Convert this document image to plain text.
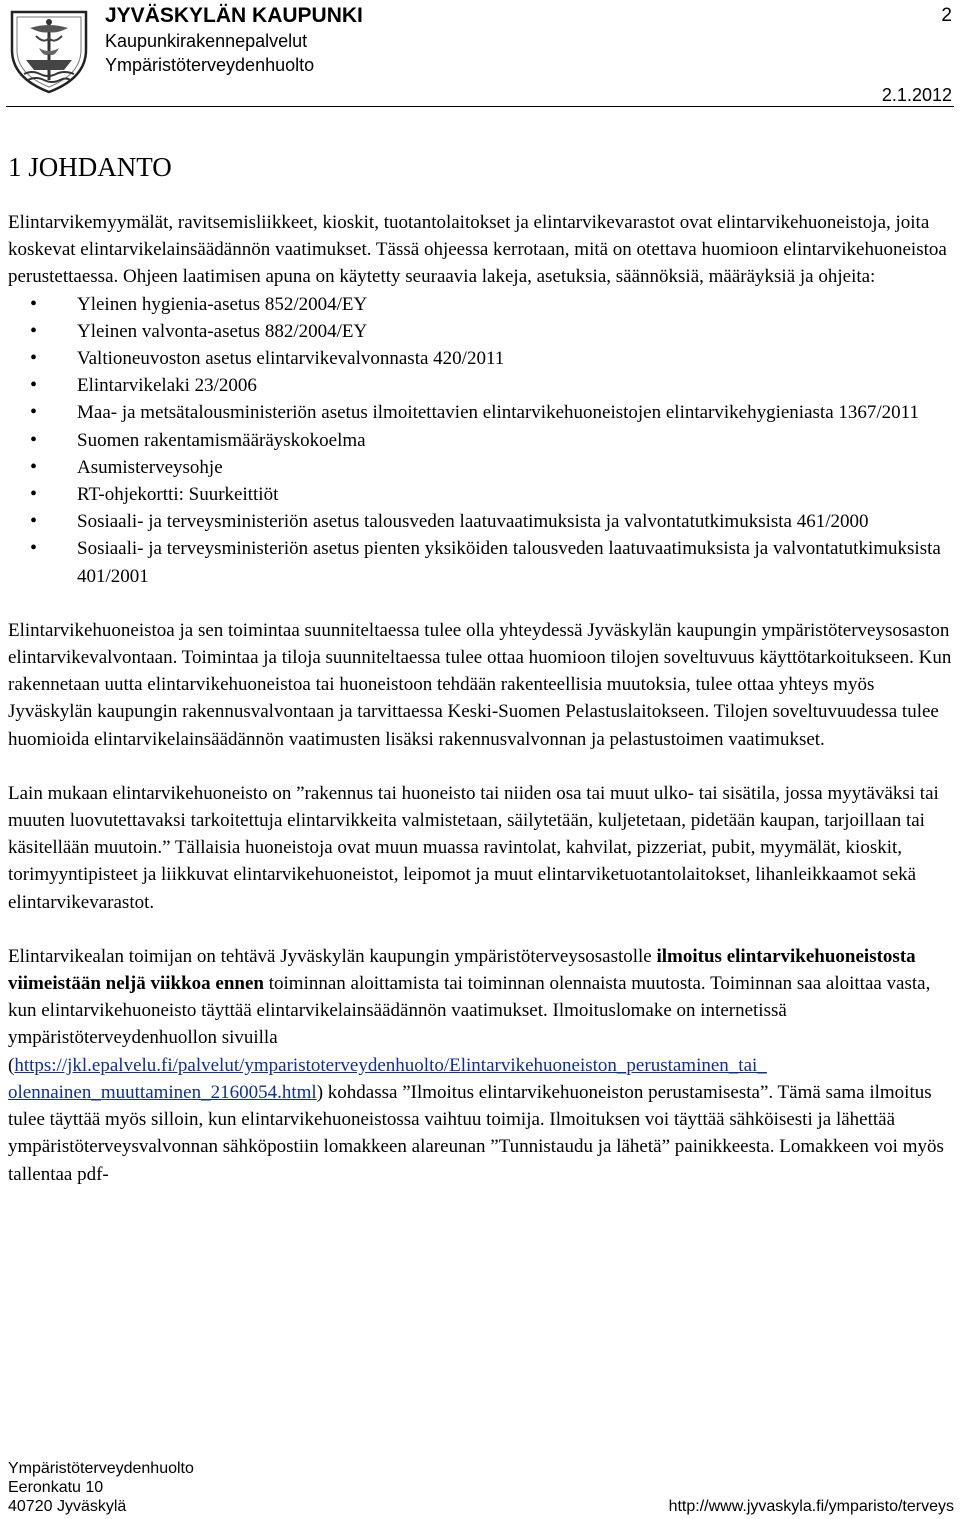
JYVÄSKYLÄN KAUPUNKI
Kaupunkirakennepalvelut
Ympäristöterveydenhuolto
2
2.1.2012
1 JOHDANTO

Elintarvikemyymälät, ravitsemisliikkeet, kioskit, tuotantolaitokset ja elintarvikevarastot ovat elintarvikehuoneistoja, joita koskevat elintarvikelainsäädännön vaatimukset. Tässä ohjeessa kerrotaan, mitä on otettava huomioon elintarvikehuoneistoa perustettaessa. Ohjeen laatimisen apuna on käytetty seuraavia lakeja, asetuksia, säännöksiä, määräyksiä ja ohjeita:

• Yleinen hygienia-asetus 852/2004/EY
• Yleinen valvonta-asetus 882/2004/EY
• Valtioneuvoston asetus elintarvikevalvonnasta 420/2011
• Elintarvikelaki 23/2006
• Maa- ja metsätalousministeriön asetus ilmoitettavien elintarvikehuoneistojen elintarvikehygieniasta 1367/2011
• Suomen rakentamismääräyskokoelma
• Asumisterveysohje
• RT-ohjekortti: Suurkeittiöt
• Sosiaali- ja terveysministeriön asetus talousveden laatuvaatimuksista ja valvontatutkimuksista 461/2000
• Sosiaali- ja terveysministeriön asetus pienten yksiköiden talousveden laatuvaatimuksista ja valvontatutkimuksista 401/2001

Elintarvikehuoneistoa ja sen toimintaa suunniteltaessa tulee olla yhteydessä Jyväskylän kaupungin ympäristöterveysosaston elintarvikevalvontaan. Toimintaa ja tiloja suunniteltaessa tulee ottaa huomioon tilojen soveltuvuus käyttötarkoitukseen. Kun rakennetaan uutta elintarvikehuoneistoa tai huoneistoon tehdään rakenteellisia muutoksia, tulee ottaa yhteys myös Jyväskylän kaupungin rakennusvalvontaan ja tarvittaessa Keski-Suomen Pelastuslaitokseen. Tilojen soveltuvuudessa tulee huomioida elintarvikelainsäädännön vaatimusten lisäksi rakennusvalvonnan ja pelastustoimen vaatimukset.

Lain mukaan elintarvikehuoneisto on ”rakennus tai huoneisto tai niiden osa tai muut ulko- tai sisätila, jossa myytäväksi tai muuten luovutettavaksi tarkoitettuja elintarvikkeita valmistetaan, säilytetään, kuljetetaan, pidetään kaupan, tarjoillaan tai käsitellään muutoin.” Tällaisia huoneistoja ovat muun muassa ravintolat, kahvilat, pizzeriat, pubit, myymälät, kioskit, torimyyntipisteet ja liikkuvat elintarvikehuoneistot, leipomot ja muut elintarviketuotantolaitokset, lihanleikkaamot sekä elintarvikevarastot.

Elintarvikealan toimijan on tehtävä Jyväskylän kaupungin ympäristöterveysosastolle ilmoitus elintarvikehuoneistosta viimeistään neljä viikkoa ennen toiminnan aloittamista tai toiminnan olennaista muutosta. Toiminnan saa aloittaa vasta, kun elintarvikehuoneisto täyttää elintarvikelainsäädännön vaatimukset. Ilmoituslomake on internetissä ympäristöterveydenhuollon sivuilla
(https://jkl.epalvelu.fi/palvelut/ymparistoterveydenhuolto/Elintarvikehuoneiston_perustaminen_tai_
olennainen_muuttaminen_2160054.html) kohdassa ”Ilmoitus elintarvikehuoneiston perustamisesta”. Tämä sama ilmoitus tulee täyttää myös silloin, kun elintarvikehuoneistossa vaihtuu toimija. Ilmoituksen voi täyttää sähköisesti ja lähettää ympäristöterveysvalvonnan sähköpostiin lomakkeen alareunan ”Tunnistaudu ja lähetä” painikkeesta. Lomakkeen voi myös tallentaa pdf-

Ympäristöterveydenhuolto
Eeronkatu 10
40720 Jyväskylä	http://www.jyvaskyla.fi/ymparisto/terveys
